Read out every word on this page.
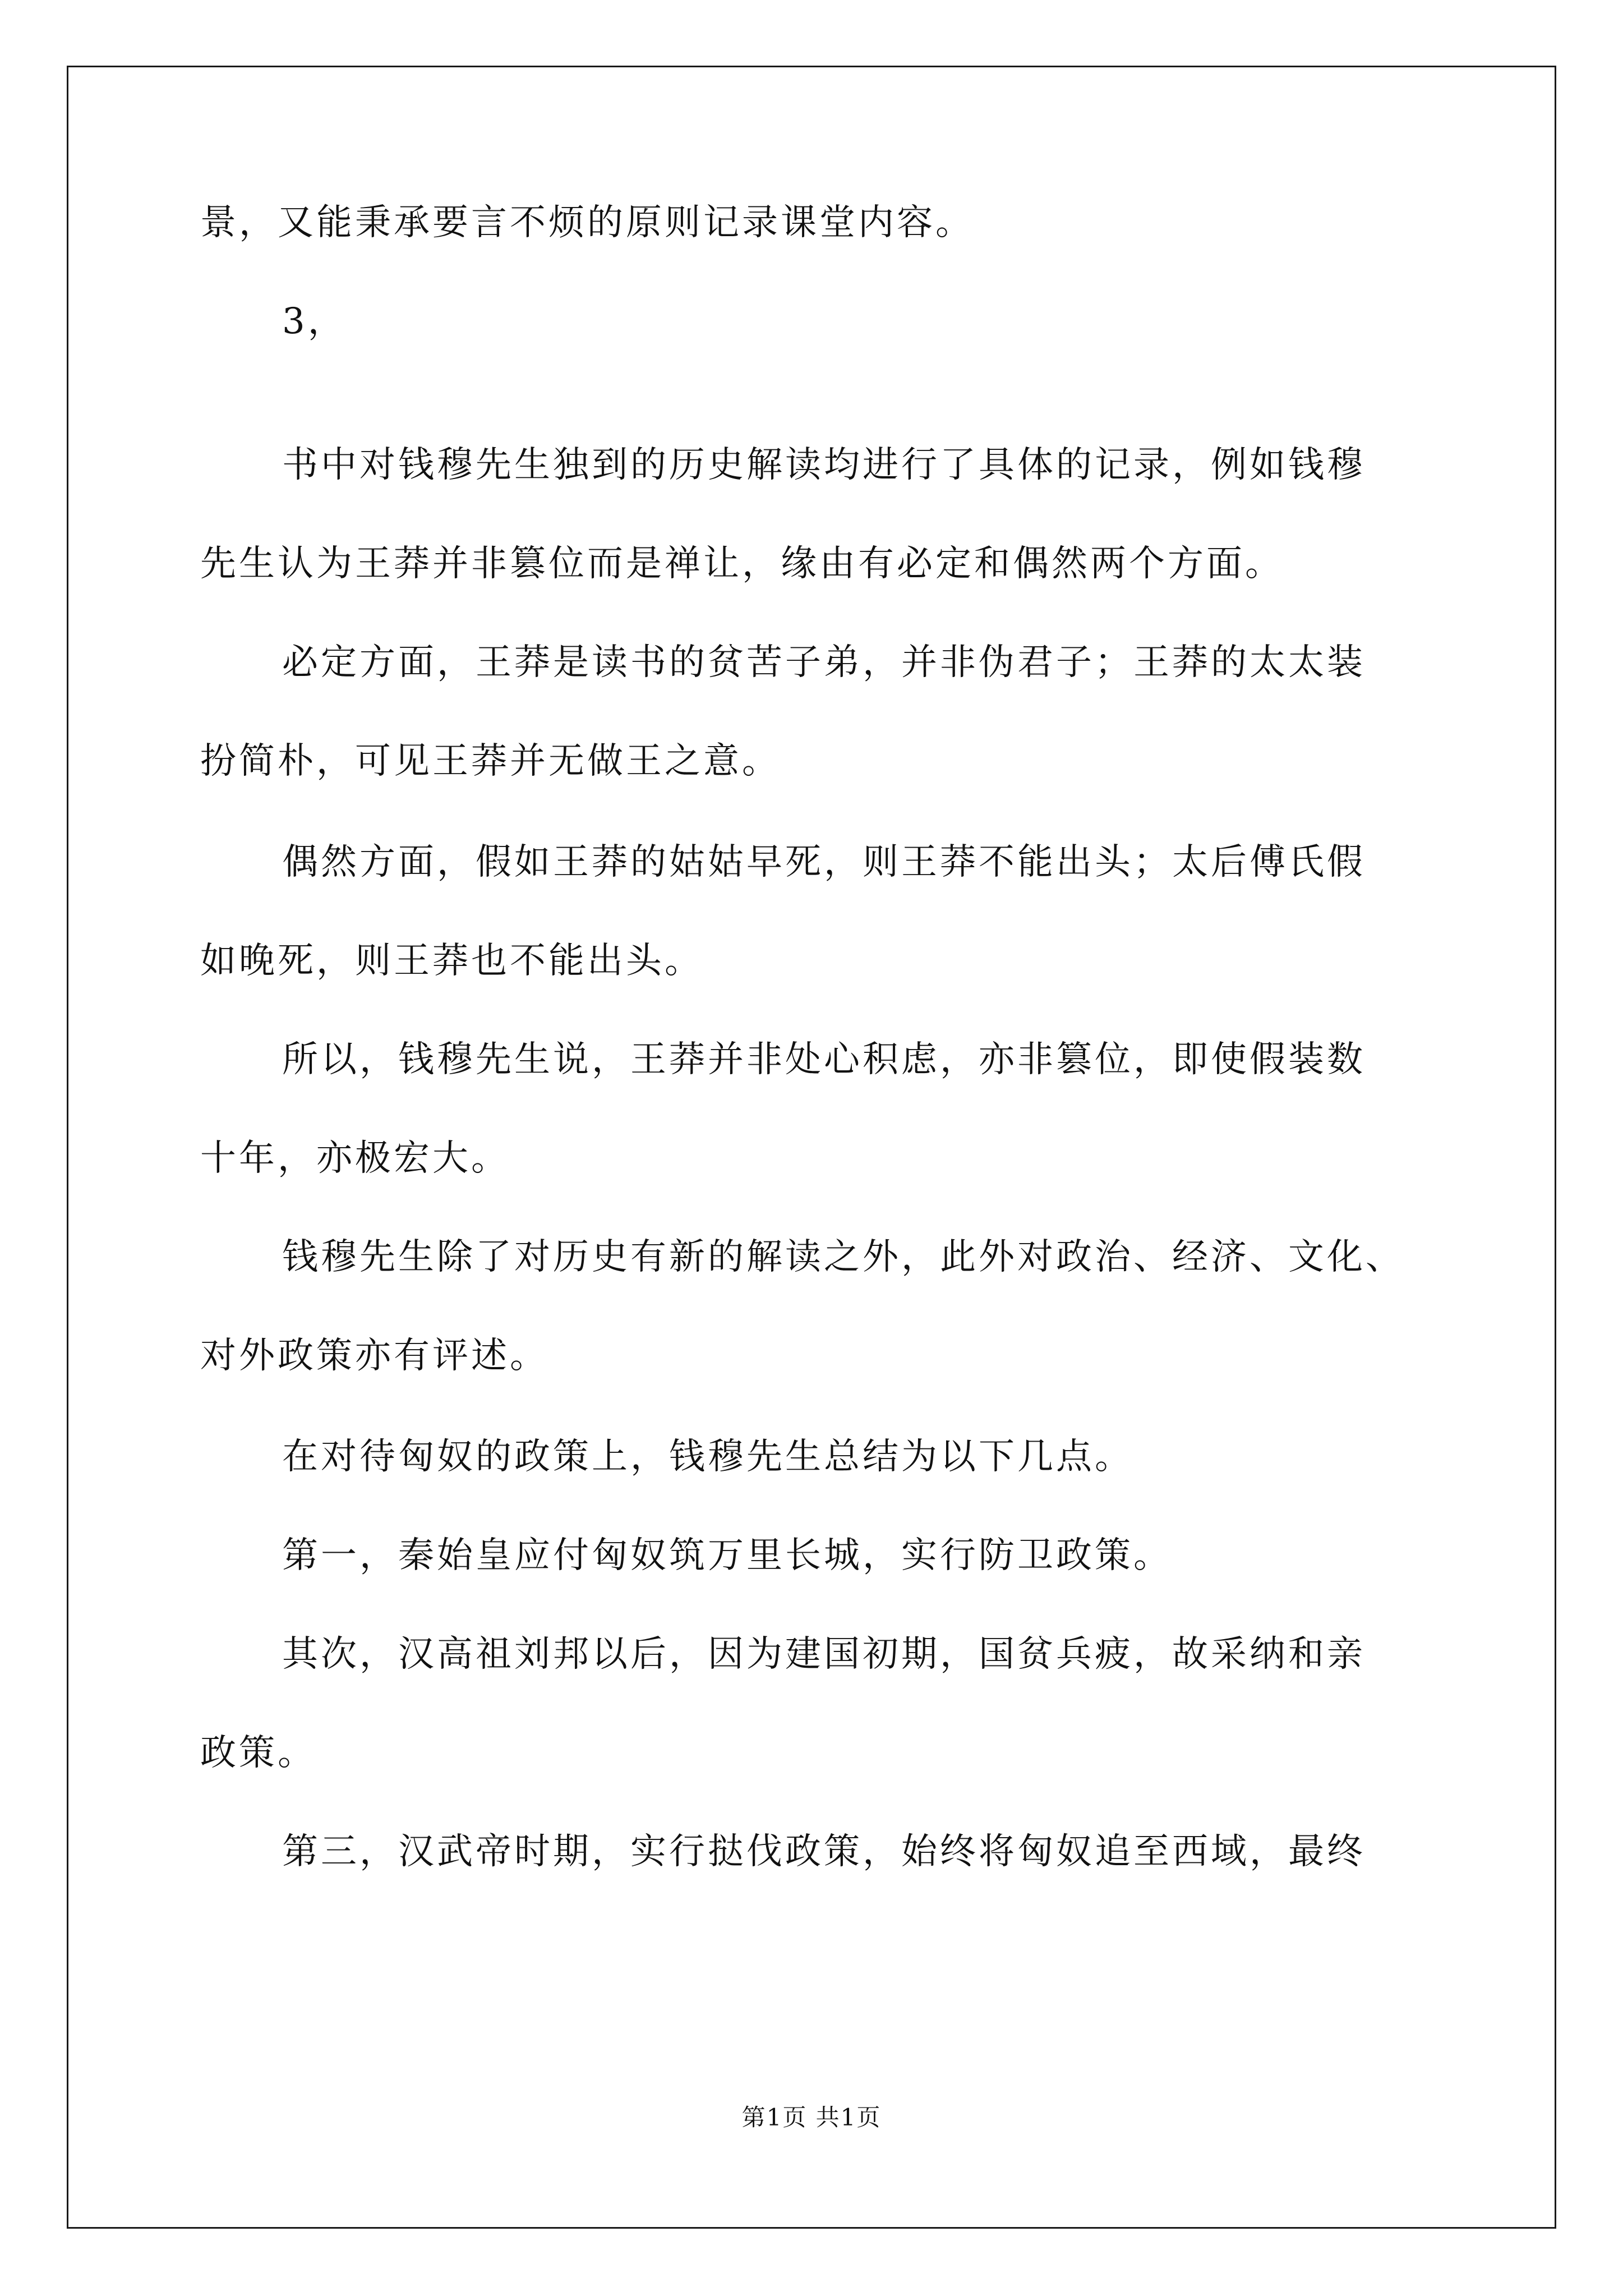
景，又能秉承要言不烦的原则记录课堂内容。
3，
书中对钱穆先生独到的历史解读均进行了具体的记录，例如钱穆
先生认为王莽并非篡位而是禅让，缘由有必定和偶然两个方面。
必定方面，王莽是读书的贫苦子弟，并非伪君子；王莽的太太装
扮简朴，可见王莽并无做王之意。
偶然方面，假如王莽的姑姑早死，则王莽不能出头；太后傅氏假
如晚死，则王莽也不能出头。
所以，钱穆先生说，王莽并非处心积虑，亦非篡位，即使假装数
十年，亦极宏大。
钱穆先生除了对历史有新的解读之外，此外对政治、经济、文化、
对外政策亦有评述。
在对待匈奴的政策上，钱穆先生总结为以下几点。
第一，秦始皇应付匈奴筑万里长城，实行防卫政策。
其次，汉高祖刘邦以后，因为建国初期，国贫兵疲，故采纳和亲
政策。
第三，汉武帝时期，实行挞伐政策，始终将匈奴追至西域，最终
第1页 共1页
